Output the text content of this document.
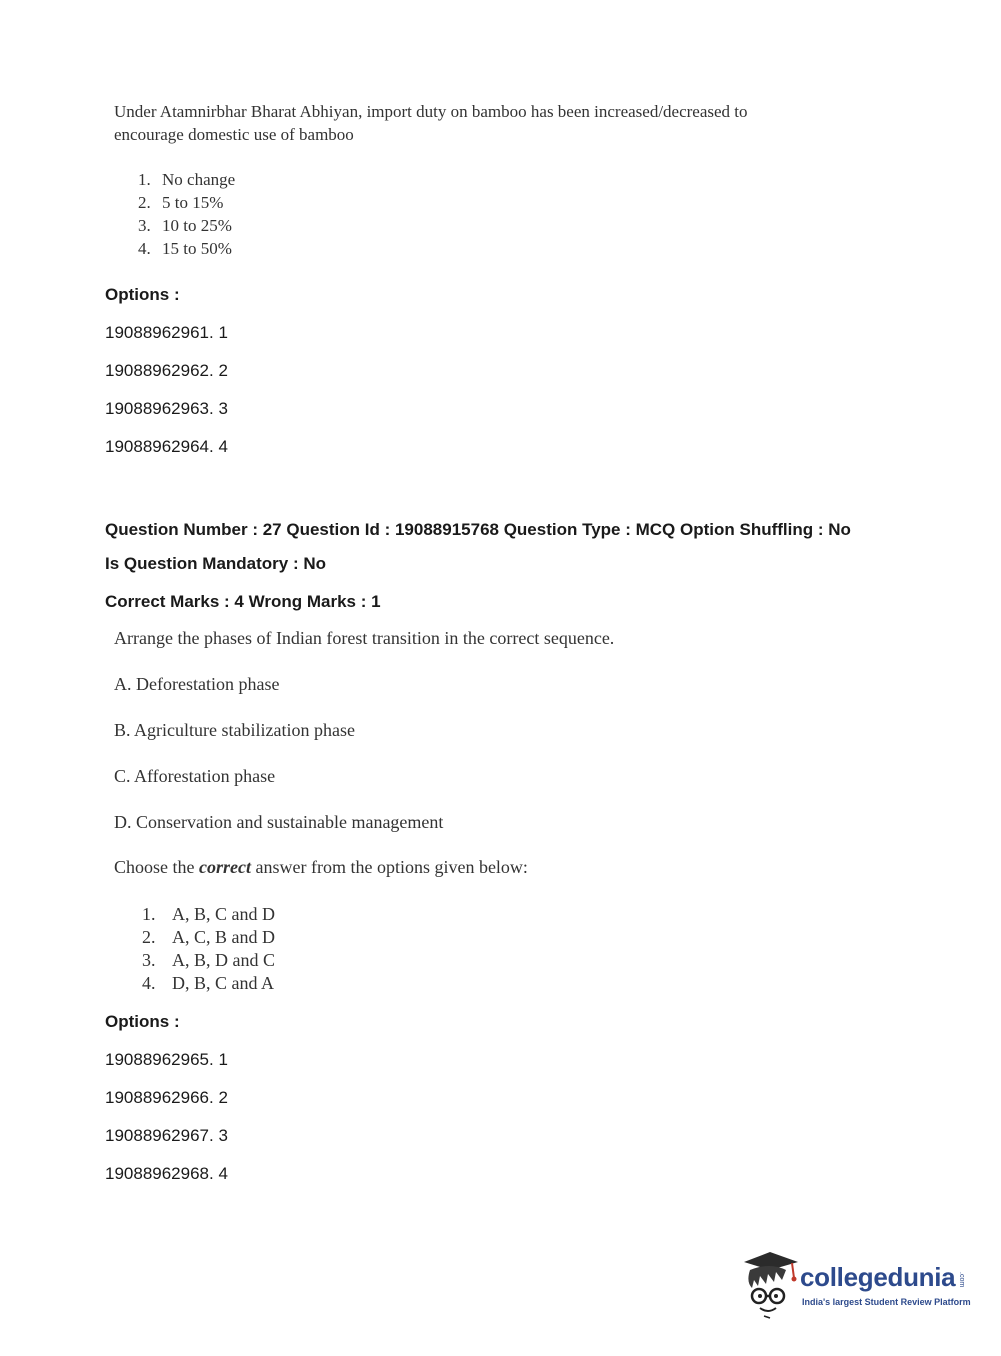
Under Atamnirbhar Bharat Abhiyan, import duty on bamboo has been increased/decreased to
encourage domestic use of bamboo
1. No change
2. 5 to 15%
3. 10 to 25%
4. 15 to 50%
Options :
19088962961. 1
19088962962. 2
19088962963. 3
19088962964. 4
Question Number : 27 Question Id : 19088915768 Question Type : MCQ Option Shuffling : No
Is Question Mandatory : No
Correct Marks : 4 Wrong Marks : 1
Arrange the phases of Indian forest transition in the correct sequence.
A. Deforestation phase
B. Agriculture stabilization phase
C. Afforestation phase
D. Conservation and sustainable management
Choose the correct answer from the options given below:
1. A, B, C and D
2. A, C, B and D
3. A, B, D and C
4. D, B, C and A
Options :
19088962965. 1
19088962966. 2
19088962967. 3
19088962968. 4
collegedunia .com
India's largest Student Review Platform
